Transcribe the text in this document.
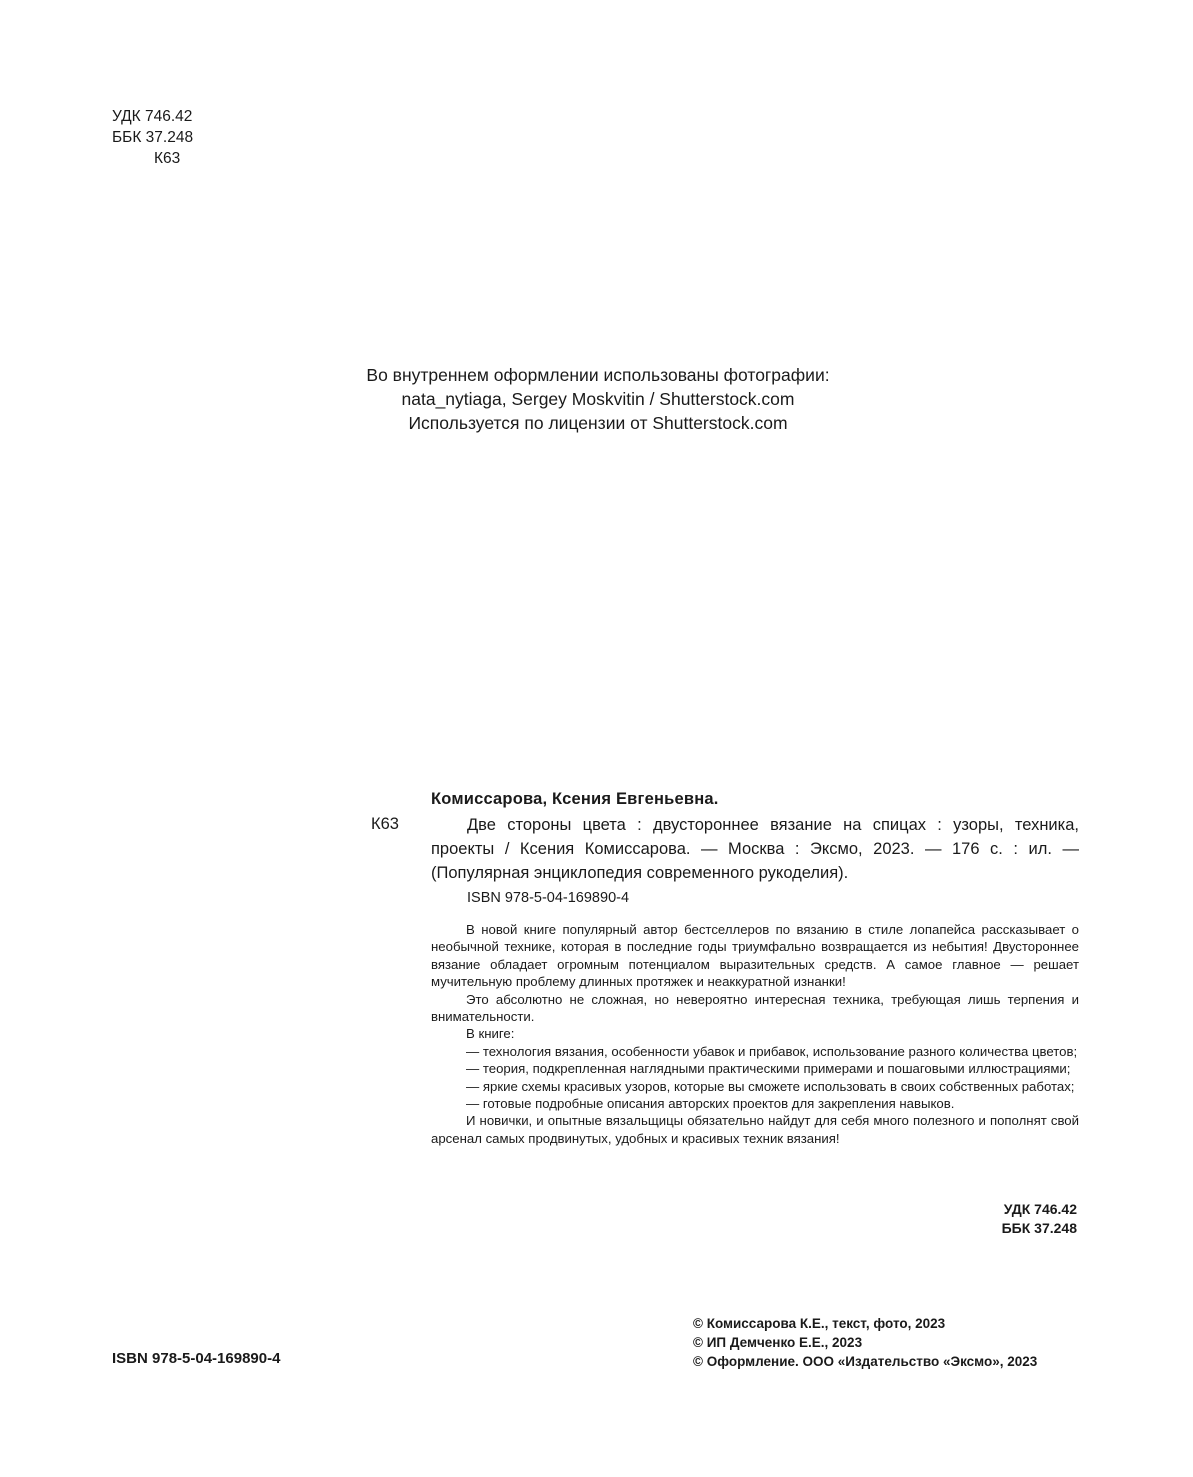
УДК 746.42
ББК 37.248
К63
Во внутреннем оформлении использованы фотографии:
nata_nytiaga, Sergey Moskvitin / Shutterstock.com
Используется по лицензии от Shutterstock.com
Комиссарова, Ксения Евгеньевна.
К63	Две стороны цвета : двустороннее вязание на спицах : узоры, техника, проекты / Ксения Комиссарова. — Москва : Эксмо, 2023. — 176 с. : ил. — (Популярная энциклопедия современного рукоделия).
ISBN 978-5-04-169890-4

В новой книге популярный автор бестселлеров по вязанию в стиле лопапейса рассказывает о необычной технике, которая в последние годы триумфально возвращается из небытия! Двустороннее вязание обладает огромным потенциалом выразительных средств. А самое главное — решает мучительную проблему длинных протяжек и неаккуратной изнанки!

Это абсолютно не сложная, но невероятно интересная техника, требующая лишь терпения и внимательности.

В книге:

— технология вязания, особенности убавок и прибавок, использование разного количества цветов;

— теория, подкрепленная наглядными практическими примерами и пошаговыми иллюстрациями;

— яркие схемы красивых узоров, которые вы сможете использовать в своих собственных работах;

— готовые подробные описания авторских проектов для закрепления навыков.

И новички, и опытные вязальщицы обязательно найдут для себя много полезного и пополнят свой арсенал самых продвинутых, удобных и красивых техник вязания!

УДК 746.42
ББК 37.248
ISBN 978-5-04-169890-4
© Комиссарова К.Е., текст, фото, 2023
© ИП Демченко Е.Е., 2023
© Оформление. ООО «Издательство «Эксмо», 2023
